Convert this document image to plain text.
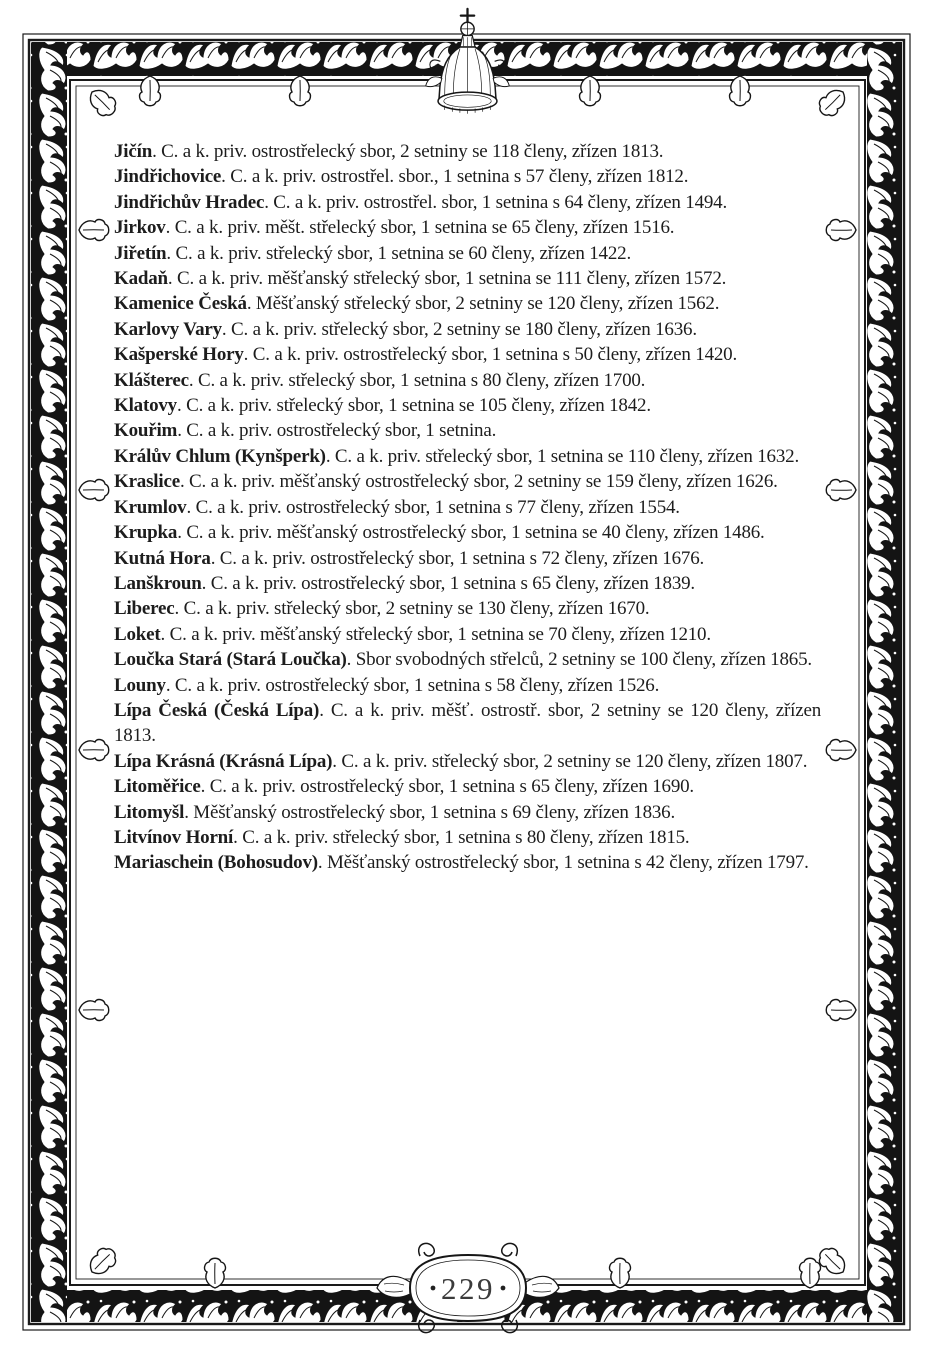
229

Jičín. C. a k. priv. ostrostřelecký sbor, 2 setniny se 118 členy, zřízen 1813.

Jindřichovice. C. a k. priv. ostrostřel. sbor., 1 setnina s 57 členy, zřízen 1812.

Jindřichův Hradec. C. a k. priv. ostrostřel. sbor, 1 setnina s 64 členy, zřízen 1494.

Jirkov. C. a k. priv. měšt. střelecký sbor, 1 setnina se 65 členy, zřízen 1516.

Jiřetín. C. a k. priv. střelecký sbor, 1 setnina se 60 členy, zřízen 1422.

Kadaň. C. a k. priv. měšťanský střelecký sbor, 1 setnina se 111 členy, zřízen 1572.

Kamenice Česká. Měšťanský střelecký sbor, 2 setniny se 120 členy, zřízen 1562.

Karlovy Vary. C. a k. priv. střelecký sbor, 2 setniny se 180 členy, zřízen 1636.

Kašperské Hory. C. a k. priv. ostrostřelecký sbor, 1 setnina s 50 členy, zřízen 1420.

Klášterec. C. a k. priv. střelecký sbor, 1 setnina s 80 členy, zřízen 1700.

Klatovy. C. a k. priv. střelecký sbor, 1 setnina se 105 členy, zřízen 1842.

Kouřim. C. a k. priv. ostrostřelecký sbor, 1 setnina.

Králův Chlum (Kynšperk). C. a k. priv. střelecký sbor, 1 setnina se 110 členy, zřízen 1632.

Kraslice. C. a k. priv. měšťanský ostrostřelecký sbor, 2 setniny se 159 členy, zřízen 1626.

Krumlov. C. a k. priv. ostrostřelecký sbor, 1 setnina s 77 členy, zřízen 1554.

Krupka. C. a k. priv. měšťanský ostrostřelecký sbor, 1 setnina se 40 členy, zřízen 1486.

Kutná Hora. C. a k. priv. ostrostřelecký sbor, 1 setnina s 72 členy, zřízen 1676.

Lanškroun. C. a k. priv. ostrostřelecký sbor, 1 setnina s 65 členy, zřízen 1839.

Liberec. C. a k. priv. střelecký sbor, 2 setniny se 130 členy, zřízen 1670.

Loket. C. a k. priv. měšťanský střelecký sbor, 1 setnina se 70 členy, zřízen 1210.

Loučka Stará (Stará Loučka). Sbor svobodných střelců, 2 setniny se 100 členy, zřízen 1865.

Louny. C. a k. priv. ostrostřelecký sbor, 1 setnina s 58 členy, zřízen 1526.

Lípa Česká (Česká Lípa). C. a k. priv. měšť. ostrostř. sbor, 2 setniny se 120 členy, zřízen 1813.

Lípa Krásná (Krásná Lípa). C. a k. priv. střelecký sbor, 2 setniny se 120 členy, zřízen 1807.

Litoměřice. C. a k. priv. ostrostřelecký sbor, 1 setnina s 65 členy, zřízen 1690.

Litomyšl. Měšťanský ostrostřelecký sbor, 1 setnina s 69 členy, zřízen 1836.

Litvínov Horní. C. a k. priv. střelecký sbor, 1 setnina s 80 členy, zřízen 1815.

Mariaschein (Bohosudov). Měšťanský ostrostřelecký sbor, 1 setnina s 42 členy, zřízen 1797.
